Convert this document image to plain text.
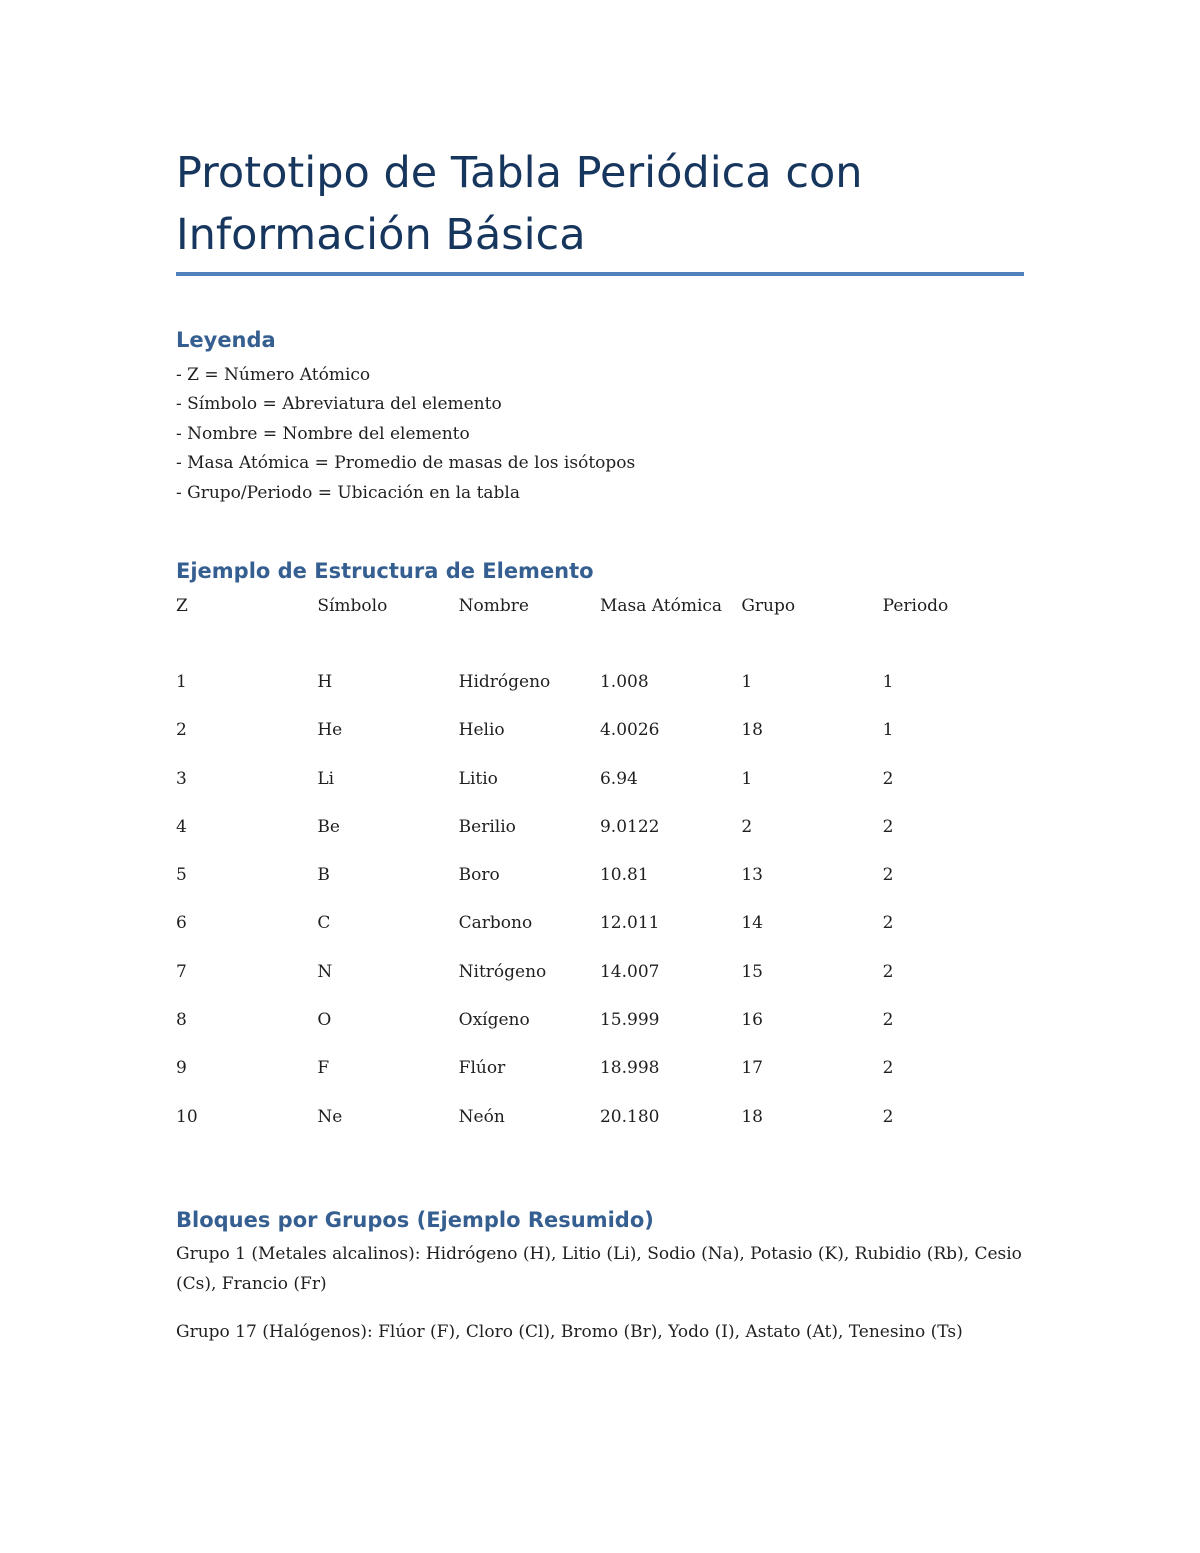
Prototipo de Tabla Periódica con Información Básica
Leyenda
- Z = Número Atómico
- Símbolo = Abreviatura del elemento
- Nombre = Nombre del elemento
- Masa Atómica = Promedio de masas de los isótopos
- Grupo/Periodo = Ubicación en la tabla
Ejemplo de Estructura de Elemento
Z	Símbolo	Nombre	Masa Atómica	Grupo	Periodo
1	H	Hidrógeno	1.008	1	1
2	He	Helio	4.0026	18	1
3	Li	Litio	6.94	1	2
4	Be	Berilio	9.0122	2	2
5	B	Boro	10.81	13	2
6	C	Carbono	12.011	14	2
7	N	Nitrógeno	14.007	15	2
8	O	Oxígeno	15.999	16	2
9	F	Flúor	18.998	17	2
10	Ne	Neón	20.180	18	2
Bloques por Grupos (Ejemplo Resumido)

Grupo 1 (Metales alcalinos): Hidrógeno (H), Litio (Li), Sodio (Na), Potasio (K), Rubidio (Rb), Cesio (Cs), Francio (Fr)

Grupo 17 (Halógenos): Flúor (F), Cloro (Cl), Bromo (Br), Yodo (I), Astato (At), Tenesino (Ts)
